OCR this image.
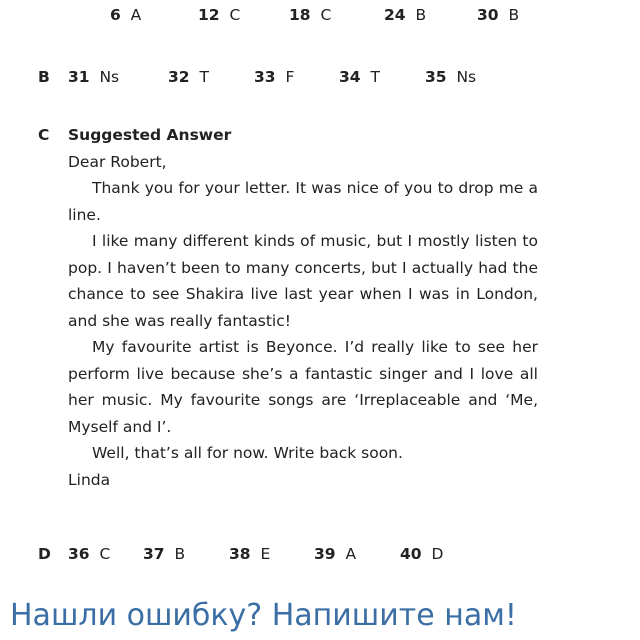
6 A	12 C	18 C	24 B	30 B
B 31 Ns	32 T	33 F	34 T	35 Ns
C Suggested Answer

Dear Robert,

Thank you for your letter. It was nice of you to drop me a line.

I like many different kinds of music, but I mostly listen to pop. I haven’t been to many concerts, but I actually had the chance to see Shakira live last year when I was in London, and she was really fantastic!

My favourite artist is Beyonce. I’d really like to see her perform live because she’s a fantastic singer and I love all her music. My favourite songs are ‘Irreplaceable and ‘Me, Myself and I’.

Well, that’s all for now. Write back soon.

Linda

D 36 C 37 B	38 E	39 A	40 D
Нашли ошибку? Напишите нам!
